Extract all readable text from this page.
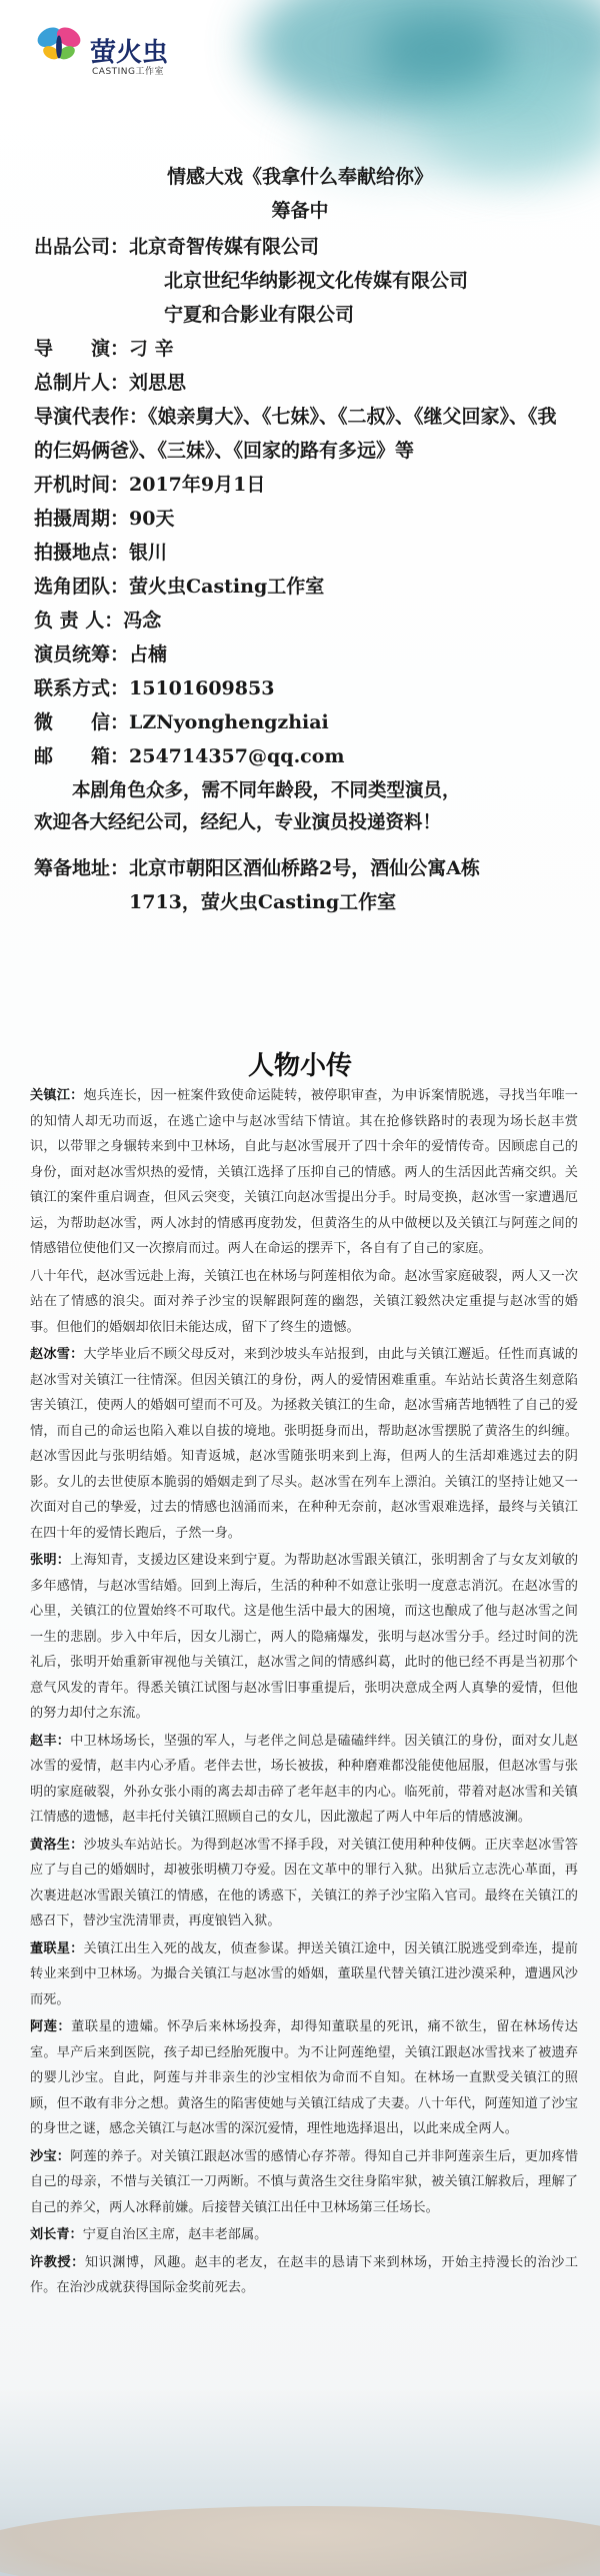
萤火虫
CASTING工作室
情感大戏《我拿什么奉献给你》
筹备中
出品公司： 北京奇智传媒有限公司
北京世纪华纳影视文化传媒有限公司
宁夏和合影业有限公司
导　　演： 刁 辛
总制片人： 刘思思
导演代表作：《娘亲舅大》、《七妹》、《二叔》、《继父回家》、《我的仨妈俩爸》、《三妹》、《回家的路有多远》等
开机时间： 2017年9月1日
拍摄周期： 90天
拍摄地点： 银川
选角团队： 萤火虫Casting工作室
负 责 人： 冯念
演员统筹： 占楠
联系方式： 15101609853
微　　信： LZNyonghengzhiai
邮　　箱： 254714357@qq.com
本剧角色众多，需不同年龄段，不同类型演员，
欢迎各大经纪公司，经纪人，专业演员投递资料！
筹备地址： 北京市朝阳区酒仙桥路2号，酒仙公寓A栋1713，萤火虫Casting工作室
人物小传

关镇江：炮兵连长，因一桩案件致使命运陡转，被停职审查，为申诉案情脱逃，寻找当年唯一的知情人却无功而返，在逃亡途中与赵冰雪结下情谊。其在抢修铁路时的表现为场长赵丰赏识，以带罪之身辗转来到中卫林场，自此与赵冰雪展开了四十余年的爱情传奇。因顾虑自己的身份，面对赵冰雪炽热的爱情，关镇江选择了压抑自己的情感。两人的生活因此苦痛交织。关镇江的案件重启调查，但风云突变，关镇江向赵冰雪提出分手。时局变换，赵冰雪一家遭遇厄运，为帮助赵冰雪，两人冰封的情感再度勃发，但黄洛生的从中做梗以及关镇江与阿莲之间的情感错位使他们又一次擦肩而过。两人在命运的摆弄下，各自有了自己的家庭。

八十年代，赵冰雪远赴上海，关镇江也在林场与阿莲相依为命。赵冰雪家庭破裂，两人又一次站在了情感的浪尖。面对养子沙宝的误解跟阿莲的幽怨，关镇江毅然决定重提与赵冰雪的婚事。但他们的婚姻却依旧未能达成，留下了终生的遗憾。

赵冰雪：大学毕业后不顾父母反对，来到沙坡头车站报到，由此与关镇江邂逅。任性而真诚的赵冰雪对关镇江一往情深。但因关镇江的身份，两人的爱情困难重重。车站站长黄洛生刻意陷害关镇江，使两人的婚姻可望而不可及。为拯救关镇江的生命，赵冰雪痛苦地牺牲了自己的爱情，而自己的命运也陷入难以自拔的境地。张明挺身而出，帮助赵冰雪摆脱了黄洛生的纠缠。赵冰雪因此与张明结婚。知青返城，赵冰雪随张明来到上海，但两人的生活却难逃过去的阴影。女儿的去世使原本脆弱的婚姻走到了尽头。赵冰雪在列车上漂泊。关镇江的坚持让她又一次面对自己的挚爱，过去的情感也汹涌而来，在种种无奈前，赵冰雪艰难选择，最终与关镇江在四十年的爱情长跑后，子然一身。

张明：上海知青，支援边区建设来到宁夏。为帮助赵冰雪跟关镇江，张明割舍了与女友刘敏的多年感情，与赵冰雪结婚。回到上海后，生活的种种不如意让张明一度意志消沉。在赵冰雪的心里，关镇江的位置始终不可取代。这是他生活中最大的困境，而这也酿成了他与赵冰雪之间一生的悲剧。步入中年后，因女儿溺亡，两人的隐痛爆发，张明与赵冰雪分手。经过时间的洗礼后，张明开始重新审视他与关镇江，赵冰雪之间的情感纠葛，此时的他已经不再是当初那个意气风发的青年。得悉关镇江试图与赵冰雪旧事重提后，张明决意成全两人真挚的爱情，但他的努力却付之东流。

赵丰：中卫林场场长，坚强的军人，与老伴之间总是磕磕绊绊。因关镇江的身份，面对女儿赵冰雪的爱情，赵丰内心矛盾。老伴去世，场长被拔，种种磨难都没能使他屈服，但赵冰雪与张明的家庭破裂，外孙女张小雨的离去却击碎了老年赵丰的内心。临死前，带着对赵冰雪和关镇江情感的遗憾，赵丰托付关镇江照顾自己的女儿，因此激起了两人中年后的情感波澜。

黄洛生：沙坡头车站站长。为得到赵冰雪不择手段，对关镇江使用种种伎俩。正庆幸赵冰雪答应了与自己的婚姻时，却被张明横刀夺爱。因在文革中的罪行入狱。出狱后立志洗心革面，再次裹进赵冰雪跟关镇江的情感，在他的诱惑下，关镇江的养子沙宝陷入官司。最终在关镇江的感召下，替沙宝洗清罪责，再度锒铛入狱。

董联星：关镇江出生入死的战友，侦查参谋。押送关镇江途中，因关镇江脱逃受到牵连，提前转业来到中卫林场。为撮合关镇江与赵冰雪的婚姻，董联星代替关镇江进沙漠采种，遭遇风沙而死。

阿莲：董联星的遗孀。怀孕后来林场投奔，却得知董联星的死讯，痛不欲生，留在林场传达室。早产后来到医院，孩子却已经胎死腹中。为不让阿莲绝望，关镇江跟赵冰雪找来了被遗弃的婴儿沙宝。自此，阿莲与并非亲生的沙宝相依为命而不自知。在林场一直默受关镇江的照顾，但不敢有非分之想。黄洛生的陷害使她与关镇江结成了夫妻。八十年代，阿莲知道了沙宝的身世之谜，感念关镇江与赵冰雪的深沉爱情，理性地选择退出，以此来成全两人。

沙宝：阿莲的养子。对关镇江跟赵冰雪的感情心存芥蒂。得知自己并非阿莲亲生后，更加疼惜自己的母亲，不惜与关镇江一刀两断。不慎与黄洛生交往身陷牢狱，被关镇江解救后，理解了自己的养父，两人冰释前嫌。后接替关镇江出任中卫林场第三任场长。

刘长青：宁夏自治区主席，赵丰老部属。

许教授：知识渊博，风趣。赵丰的老友，在赵丰的恳请下来到林场，开始主持漫长的治沙工作。在治沙成就获得国际金奖前死去。
